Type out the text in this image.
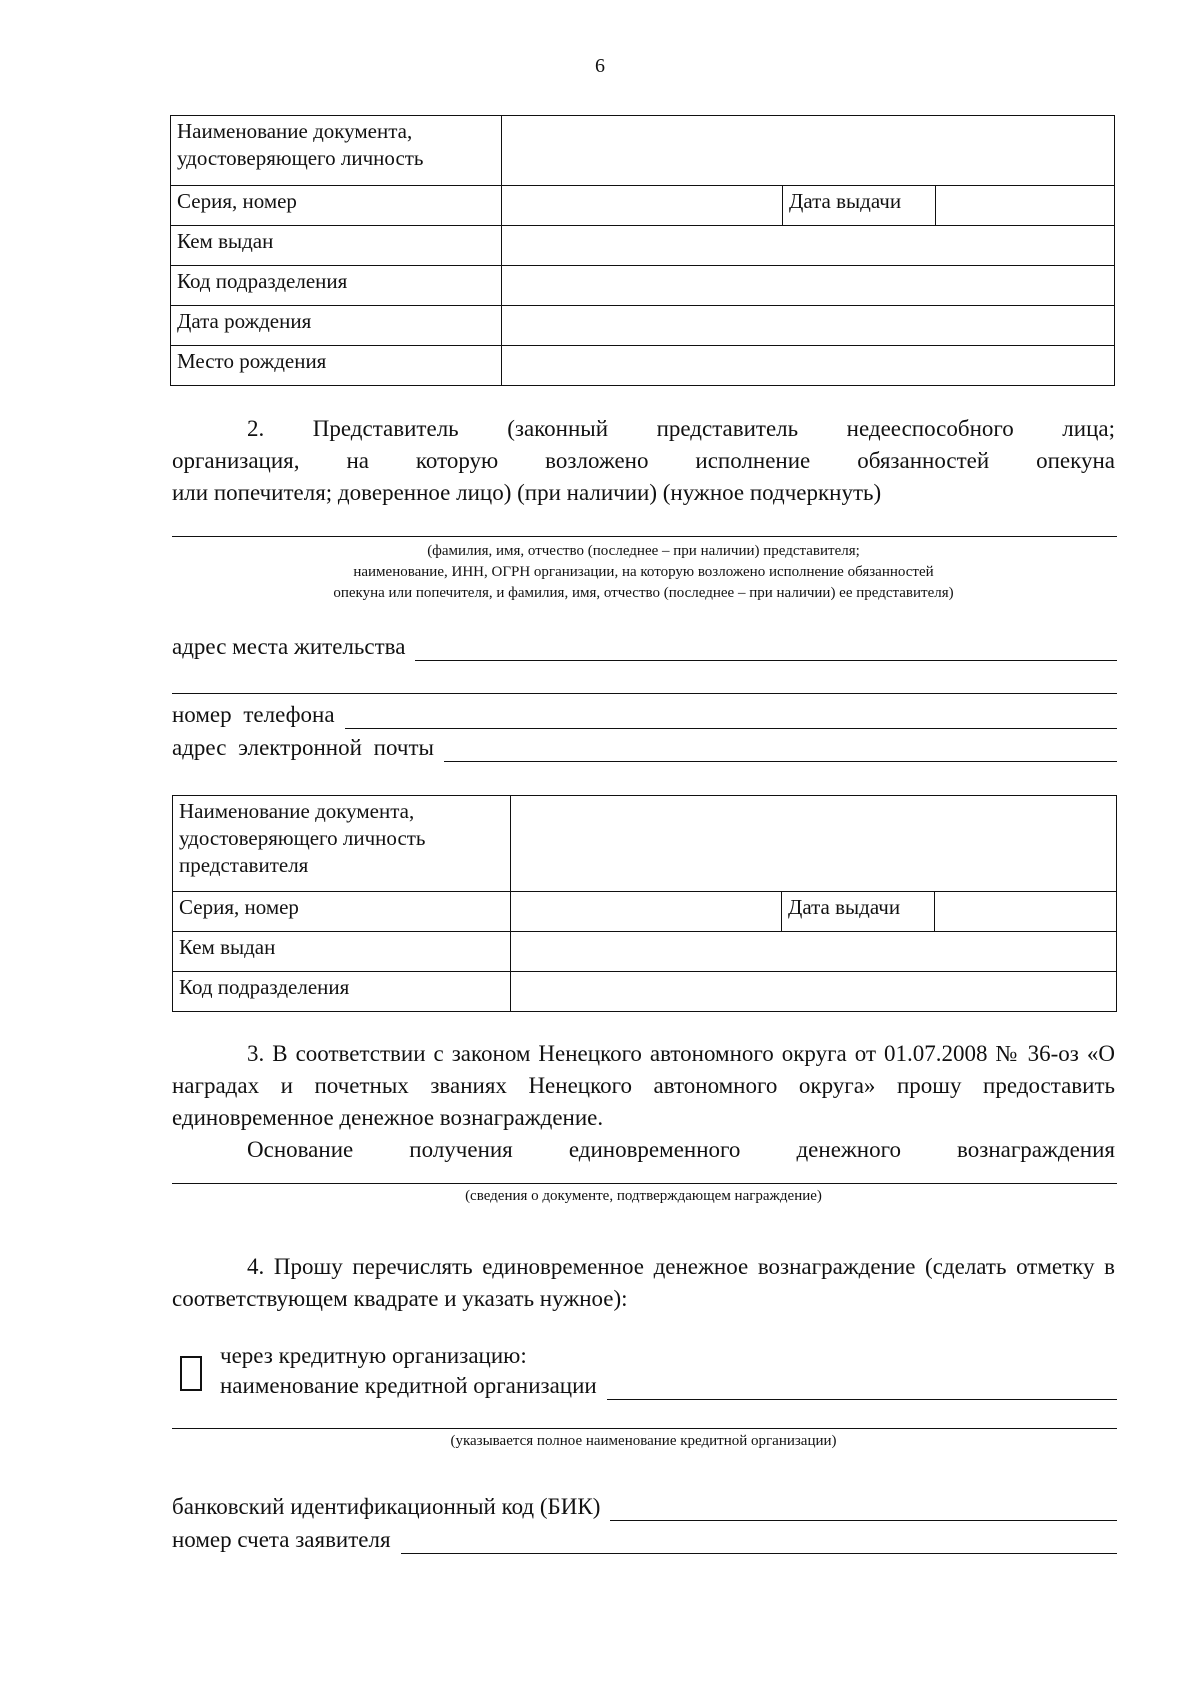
6
Наименование документа, удостоверяющего личность			
Серия, номер		Дата выдачи	
Кем выдан			
Код подразделения			
Дата рождения			
Место рождения			
2. Представитель (законный представитель недееспособного лица;
организация, на которую возложено исполнение обязанностей опекуна
или попечителя; доверенное лицо) (при наличии) (нужное подчеркнуть)
(фамилия, имя, отчество (последнее – при наличии) представителя;
наименование, ИНН, ОГРН организации, на которую возложено исполнение обязанностей
опекуна или попечителя, и фамилия, имя, отчество (последнее – при наличии) ее представителя)
адрес места жительства
номер телефона
адрес электронной почты
Наименование документа, удостоверяющего личность представителя			
Серия, номер		Дата выдачи	
Кем выдан			
Код подразделения			
3. В соответствии с законом Ненецкого автономного округа от 01.07.2008 № 36-оз «О наградах и почетных званиях Ненецкого автономного округа» прошу предоставить единовременное денежное вознаграждение.
Основание получения единовременного денежного вознаграждения
(сведения о документе, подтверждающем награждение)
4. Прошу перечислять единовременное денежное вознаграждение (сделать отметку в соответствующем квадрате и указать нужное):
через кредитную организацию:
наименование кредитной организации
(указывается полное наименование кредитной организации)
банковский идентификационный код (БИК)
номер счета заявителя
